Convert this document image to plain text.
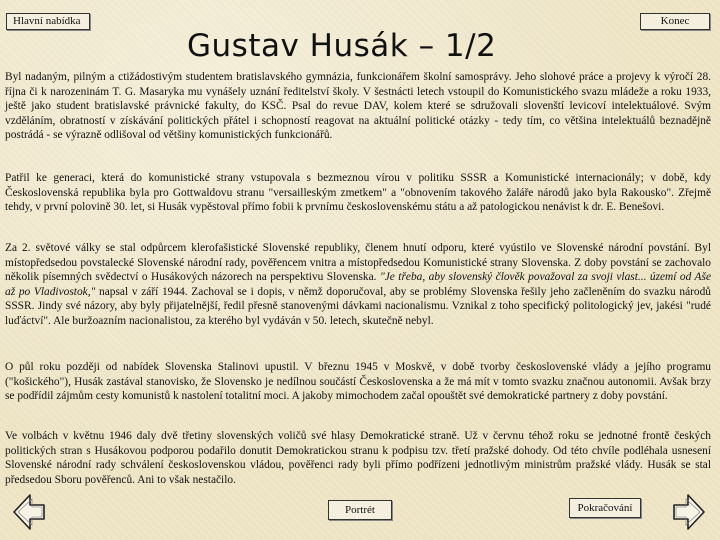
Hlavní nabídka	Konec
Gustav Husák – 1/2

Byl nadaným, pilným a ctižádostivým studentem bratislavského gymnázia, funkcionářem školní samosprávy. Jeho slohové práce a projevy k výročí 28. října či k narozeninám T. G. Masaryka mu vynášely uznání ředitelství školy. V šestnácti letech vstoupil do Komunistického svazu mládeže a roku 1933, ještě jako student bratislavské právnické fakulty, do KSČ. Psal do revue DAV, kolem které se sdružovali slovenští levicoví intelektuálové. Svým vzděláním, obratností v získávání politických přátel i schopností reagovat na aktuální politické otázky - tedy tím, co většina intelektuálů beznadějně postrádá - se výrazně odlišoval od většiny komunistických funkcionářů.

Patřil ke generaci, která do komunistické strany vstupovala s bezmeznou vírou v politiku SSSR a Komunistické internacionály; v době, kdy Československá republika byla pro Gottwaldovu stranu "versailleským zmetkem" a "obnovením takového žaláře národů jako byla Rakousko". Zřejmě tehdy, v první polovině 30. let, si Husák vypěstoval přímo fobii k prvnímu československému státu a až patologickou nenávist k dr. E. Benešovi.

Za 2. světové války se stal odpůrcem klerofašistické Slovenské republiky, členem hnutí odporu, které vyústilo ve Slovenské národní povstání. Byl místopředsedou povstalecké Slovenské národní rady, pověřencem vnitra a místopředsedou Komunistické strany Slovenska. Z doby povstání se zachovalo několik písemných svědectví o Husákových názorech na perspektivu Slovenska. "Je třeba, aby slovenský člověk považoval za svoji vlast... území od Aše až po Vladivostok," napsal v září 1944. Zachoval se i dopis, v němž doporučoval, aby se problémy Slovenska řešily jeho začleněním do svazku národů SSSR. Jindy své názory, aby byly přijatelnější, ředil přesně stanovenými dávkami nacionalismu. Vznikal z toho specifický politologický jev, jakési "rudé luďáctví". Ale buržoazním nacionalistou, za kterého byl vydáván v 50. letech, skutečně nebyl.

O půl roku později od nabídek Slovenska Stalinovi upustil. V březnu 1945 v Moskvě, v době tvorby československé vlády a jejího programu ("košického"), Husák zastával stanovisko, že Slovensko je nedílnou součástí Československa a že má mít v tomto svazku značnou autonomii. Avšak brzy se podřídil zájmům cesty komunistů k nastolení totalitní moci. A jakoby mimochodem začal opouštět své demokratické partnery z doby povstání.

Ve volbách v květnu 1946 daly dvě třetiny slovenských voličů své hlasy Demokratické straně. Už v červnu téhož roku se jednotné frontě českých politických stran s Husákovou podporou podařilo donutit Demokratickou stranu k podpisu tzv. třetí pražské dohody. Od této chvíle podléhala usnesení Slovenské národní rady schválení československou vládou, pověřenci rady byli přímo podřízeni jednotlivým ministrům pražské vlády. Husák se stal předsedou Sboru pověřenců. Ani to však nestačilo.

Portrét	Pokračování
